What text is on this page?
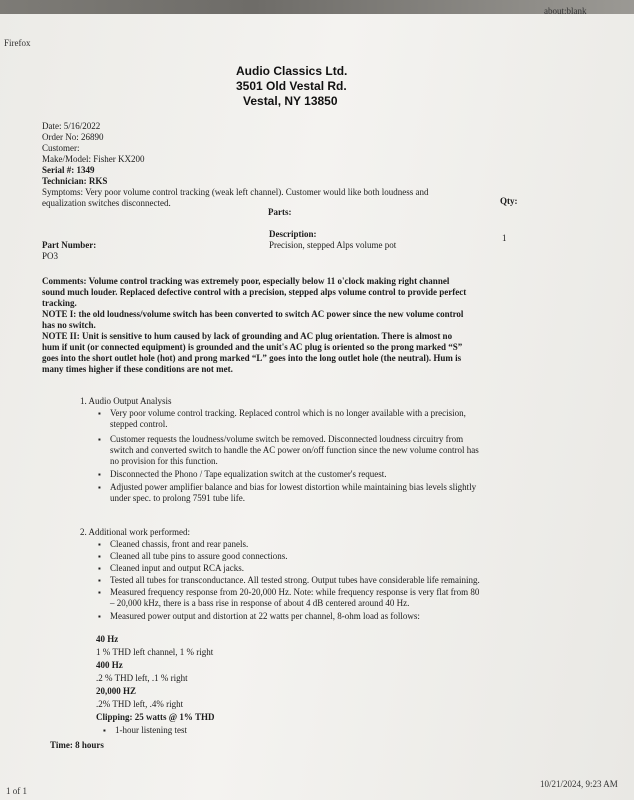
about:blank
Firefox
1 of 1
10/21/2024, 9:23 AM
Audio Classics Ltd.
3501 Old Vestal Rd.
Vestal, NY 13850
Date: 5/16/2022
Order No: 26890
Customer:
Make/Model: Fisher KX200
Serial #: 1349
Technician: RKS
Symptoms: Very poor volume control tracking (weak left channel). Customer would like both loudness and
equalization switches disconnected.
Parts:
Qty:
Description:
Part Number:	Precision, stepped Alps volume pot
1
PO3
Comments: Volume control tracking was extremely poor, especially below 11 o'clock making right channel
sound much louder. Replaced defective control with a precision, stepped alps volume control to provide perfect
tracking.
NOTE I: the old loudness/volume switch has been converted to switch AC power since the new volume control
has no switch.
NOTE II: Unit is sensitive to hum caused by lack of grounding and AC plug orientation. There is almost no
hum if unit (or connected equipment) is grounded and the unit's AC plug is oriented so the prong marked “S”
goes into the short outlet hole (hot) and prong marked “L” goes into the long outlet hole (the neutral). Hum is
many times higher if these conditions are not met.
1. Audio Output Analysis
▪ Very poor volume control tracking. Replaced control which is no longer available with a precision,
stepped control.
▪ Customer requests the loudness/volume switch be removed. Disconnected loudness circuitry from
switch and converted switch to handle the AC power on/off function since the new volume control has
no provision for this function.
▪ Disconnected the Phono / Tape equalization switch at the customer's request.
▪ Adjusted power amplifier balance and bias for lowest distortion while maintaining bias levels slightly
under spec. to prolong 7591 tube life.
2. Additional work performed:
▪ Cleaned chassis, front and rear panels.
▪ Cleaned all tube pins to assure good connections.
▪ Cleaned input and output RCA jacks.
▪ Tested all tubes for transconductance. All tested strong. Output tubes have considerable life remaining.
▪ Measured frequency response from 20-20,000 Hz. Note: while frequency response is very flat from 80
– 20,000 kHz, there is a bass rise in response of about 4 dB centered around 40 Hz.
▪ Measured power output and distortion at 22 watts per channel, 8-ohm load as follows:
40 Hz
1 % THD left channel, 1 % right
400 Hz
.2 % THD left, .1 % right
20,000 HZ
.2% THD left, .4% right
Clipping: 25 watts @ 1% THD
▪ 1-hour listening test
Time: 8 hours
